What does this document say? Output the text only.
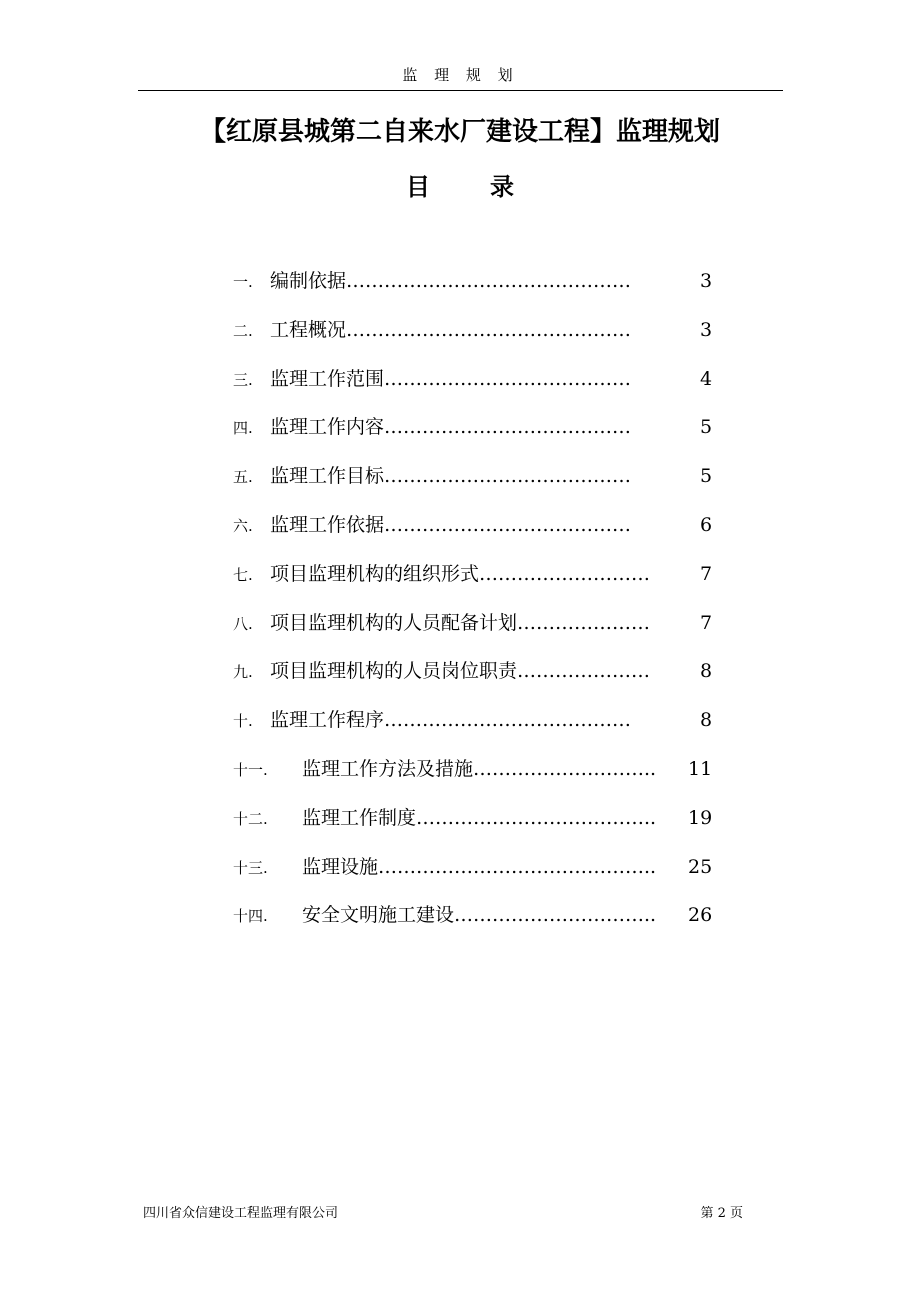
监 理 规 划
【红原县城第二自来水厂建设工程】监理规划
目	录
一. 编制依据 ………………………………………	3
二. 工程概况 ………………………………………	3
三. 监理工作范围 …………………………………	4
四. 监理工作内容 …………………………………	5
五. 监理工作目标 …………………………………	5
六. 监理工作依据 …………………………………	6
七. 项目监理机构的组织形式 ………………………	7
八. 项目监理机构的人员配备计划 …………………	7
九. 项目监理机构的人员岗位职责 …………………	8
十. 监理工作程序 …………………………………	8
十一. 监理工作方法及措施 ………………………..	11
十二. 监理工作制度 ………………………………..	19
十三. 监理设施 ……………………………………..	25
十四. 安全文明施工建设 …………………………..	26
四川省众信建设工程监理有限公司	第 2 页
